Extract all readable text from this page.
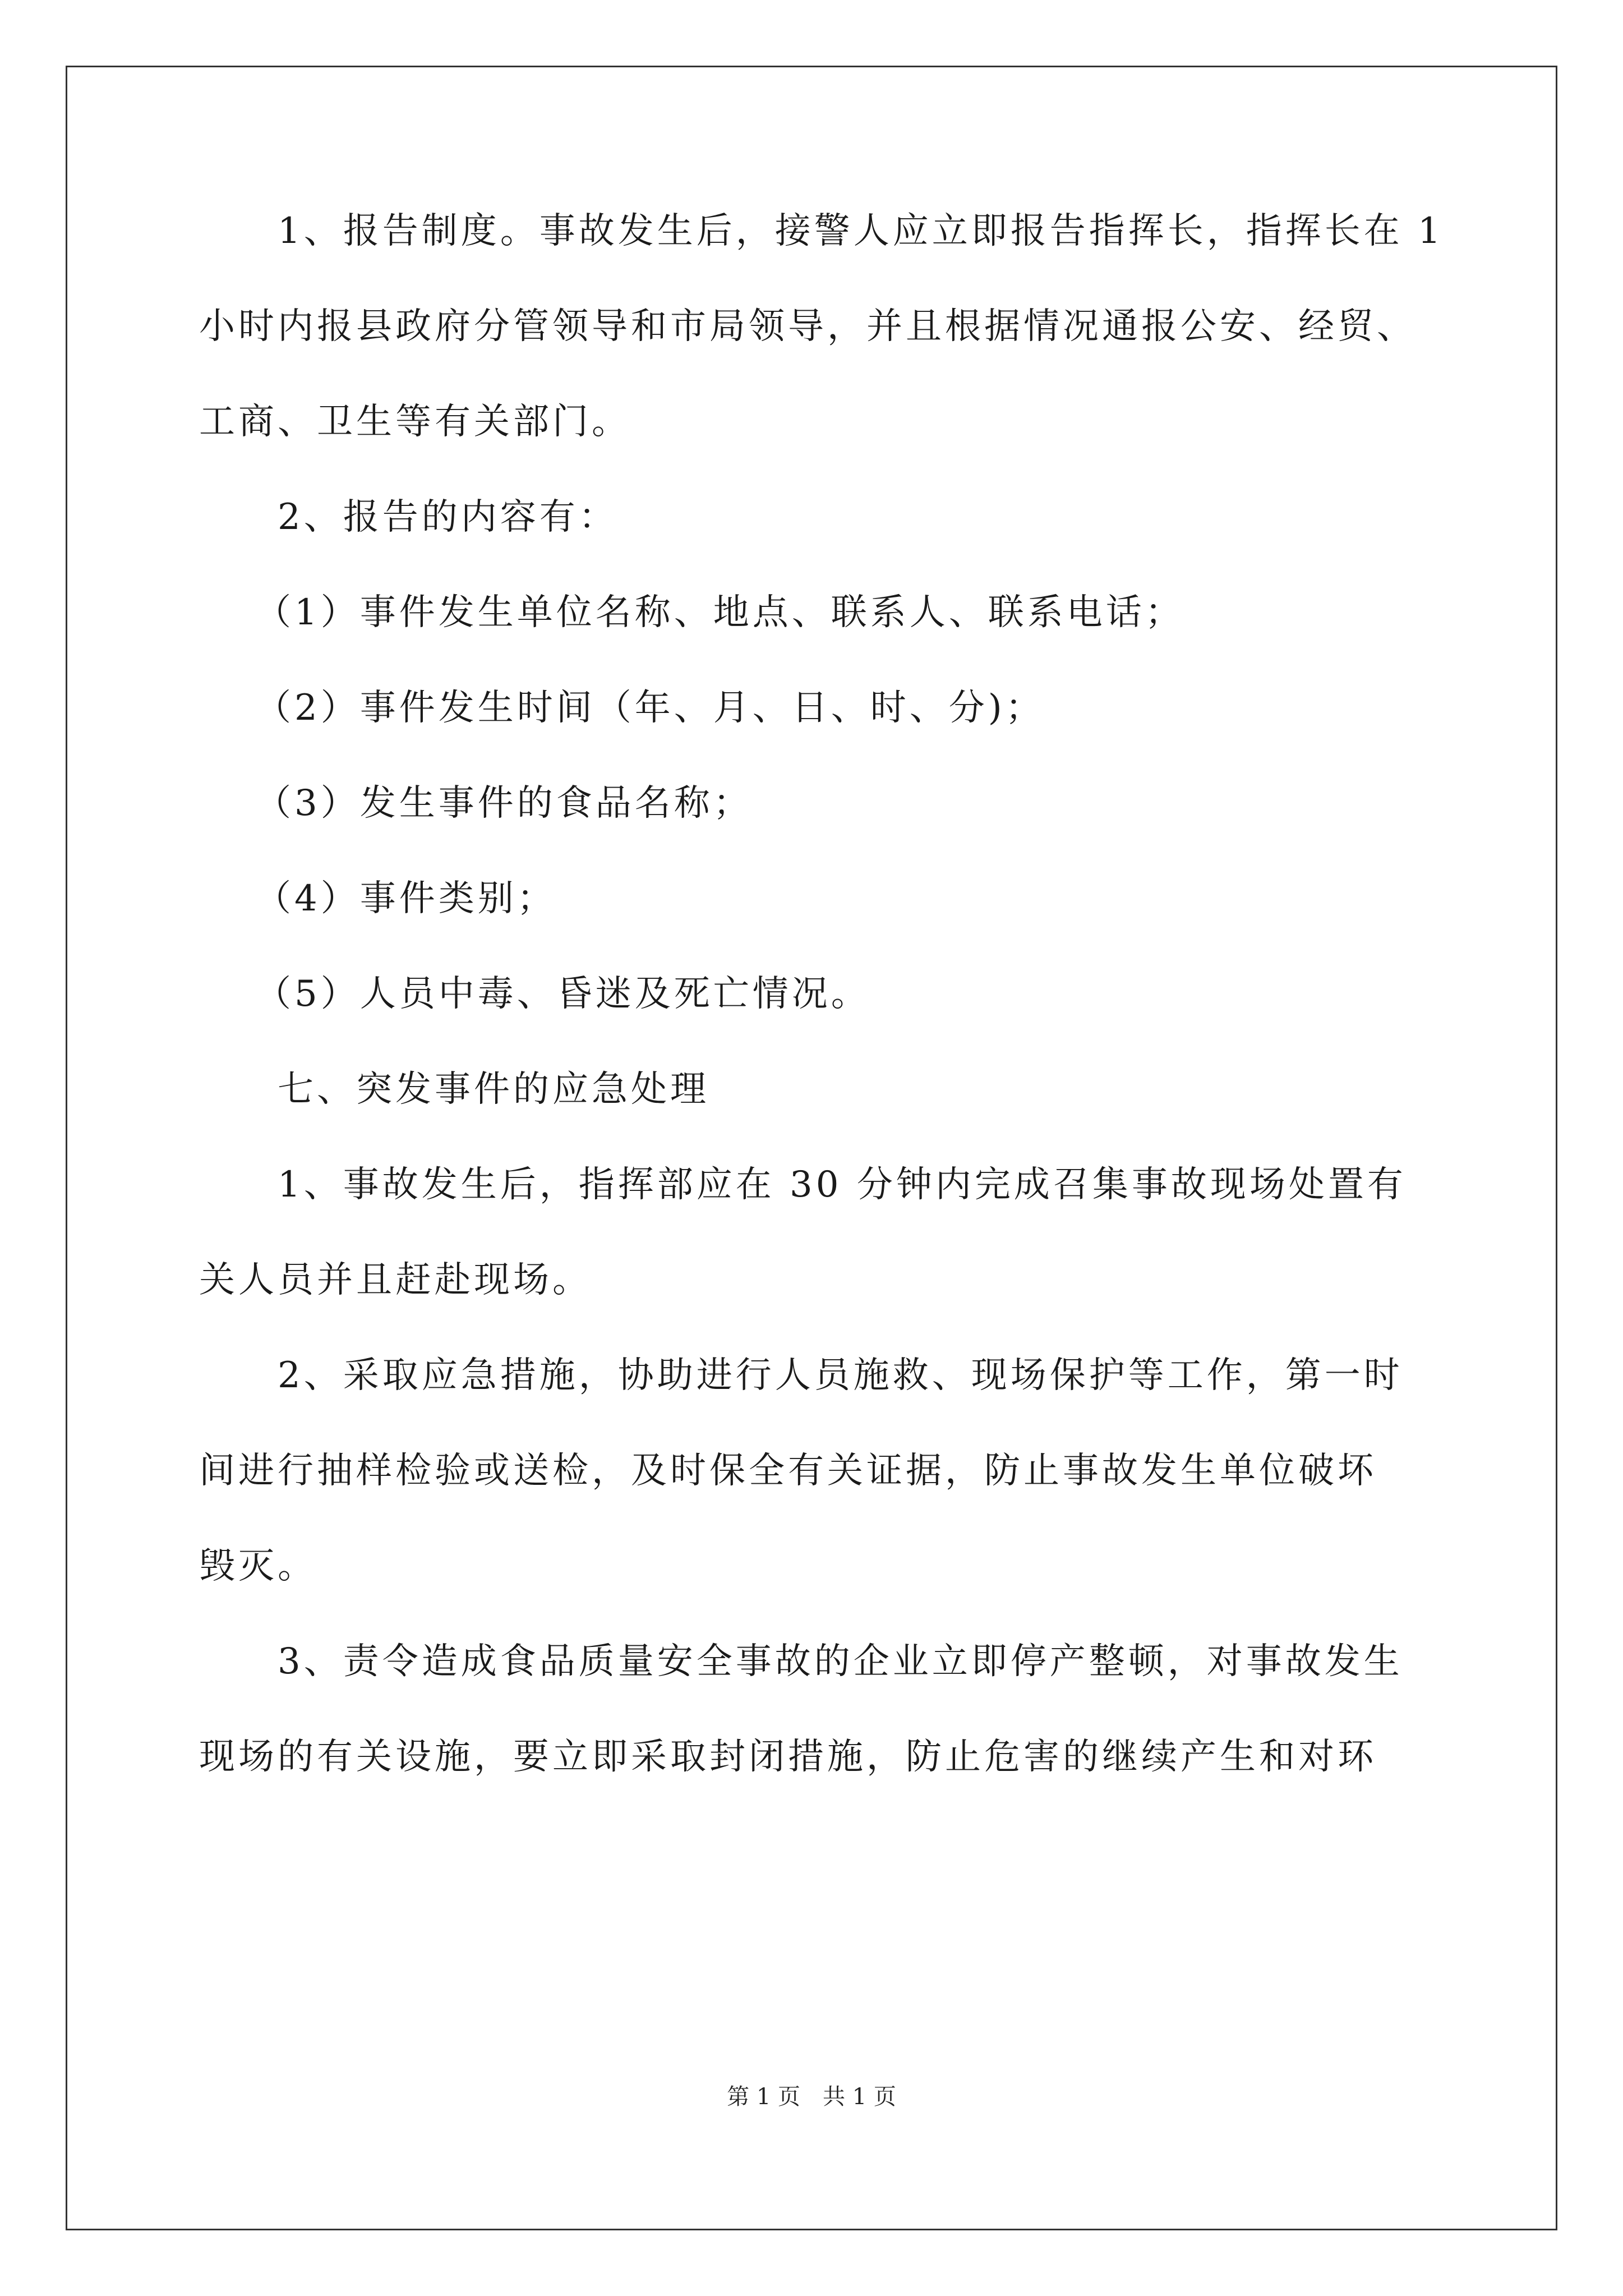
1、报告制度。事故发生后，接警人应立即报告指挥长，指挥长在 1
小时内报县政府分管领导和市局领导，并且根据情况通报公安、经贸、
工商、卫生等有关部门。
2、报告的内容有：
（1）事件发生单位名称、地点、联系人、联系电话；
（2）事件发生时间（年、月、日、时、分)；
（3）发生事件的食品名称；
（4）事件类别；
（5）人员中毒、昏迷及死亡情况。
七、突发事件的应急处理
1、事故发生后，指挥部应在 30 分钟内完成召集事故现场处置有
关人员并且赶赴现场。
2、采取应急措施，协助进行人员施救、现场保护等工作，第一时
间进行抽样检验或送检，及时保全有关证据，防止事故发生单位破坏
毁灭。
3、责令造成食品质量安全事故的企业立即停产整顿，对事故发生
现场的有关设施，要立即采取封闭措施，防止危害的继续产生和对环
第 1 页 共 1 页
